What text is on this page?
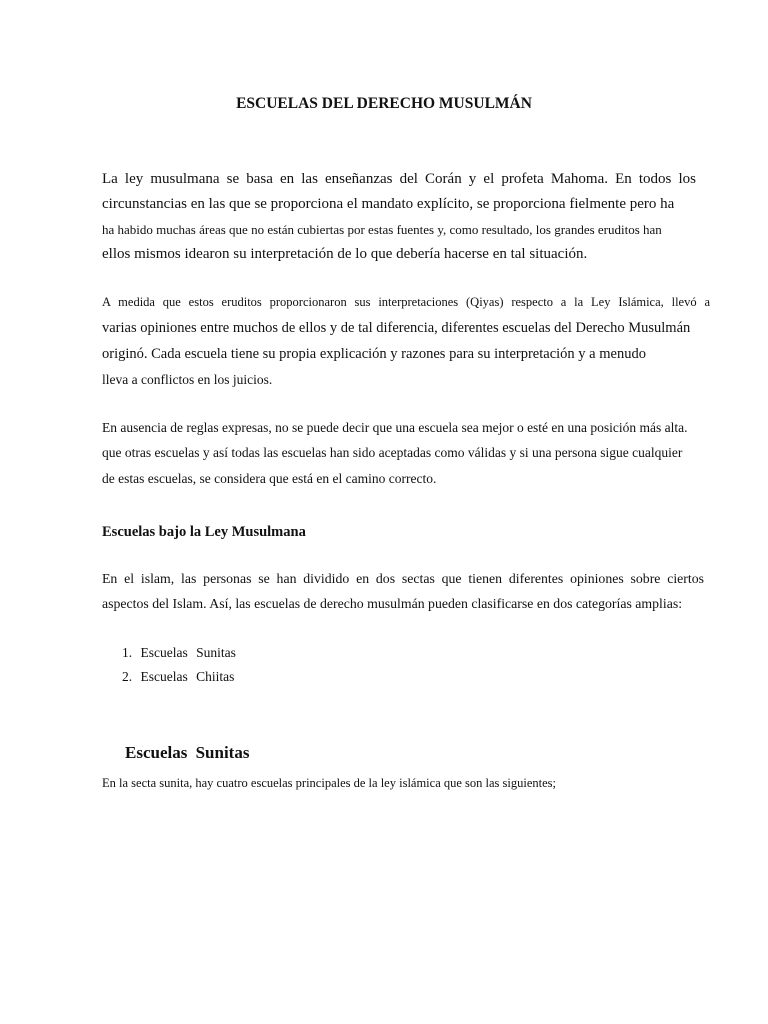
ESCUELAS DEL DERECHO MUSULMÁN

La ley musulmana se basa en las enseñanzas del Corán y el profeta Mahoma. En todos los

circunstancias en las que se proporciona el mandato explícito, se proporciona fielmente pero ha

ha habido muchas áreas que no están cubiertas por estas fuentes y, como resultado, los grandes eruditos han

ellos mismos idearon su interpretación de lo que debería hacerse en tal situación.

A medida que estos eruditos proporcionaron sus interpretaciones (Qiyas) respecto a la Ley Islámica, llevó a

varias opiniones entre muchos de ellos y de tal diferencia, diferentes escuelas del Derecho Musulmán

originó. Cada escuela tiene su propia explicación y razones para su interpretación y a menudo

lleva a conflictos en los juicios.

En ausencia de reglas expresas, no se puede decir que una escuela sea mejor o esté en una posición más alta.

que otras escuelas y así todas las escuelas han sido aceptadas como válidas y si una persona sigue cualquier

de estas escuelas, se considera que está en el camino correcto.

Escuelas bajo la Ley Musulmana

En el islam, las personas se han dividido en dos sectas que tienen diferentes opiniones sobre ciertos

aspectos del Islam. Así, las escuelas de derecho musulmán pueden clasificarse en dos categorías amplias:

1. Escuelas Sunitas
2. Escuelas Chiitas
Escuelas Sunitas

En la secta sunita, hay cuatro escuelas principales de la ley islámica que son las siguientes;
